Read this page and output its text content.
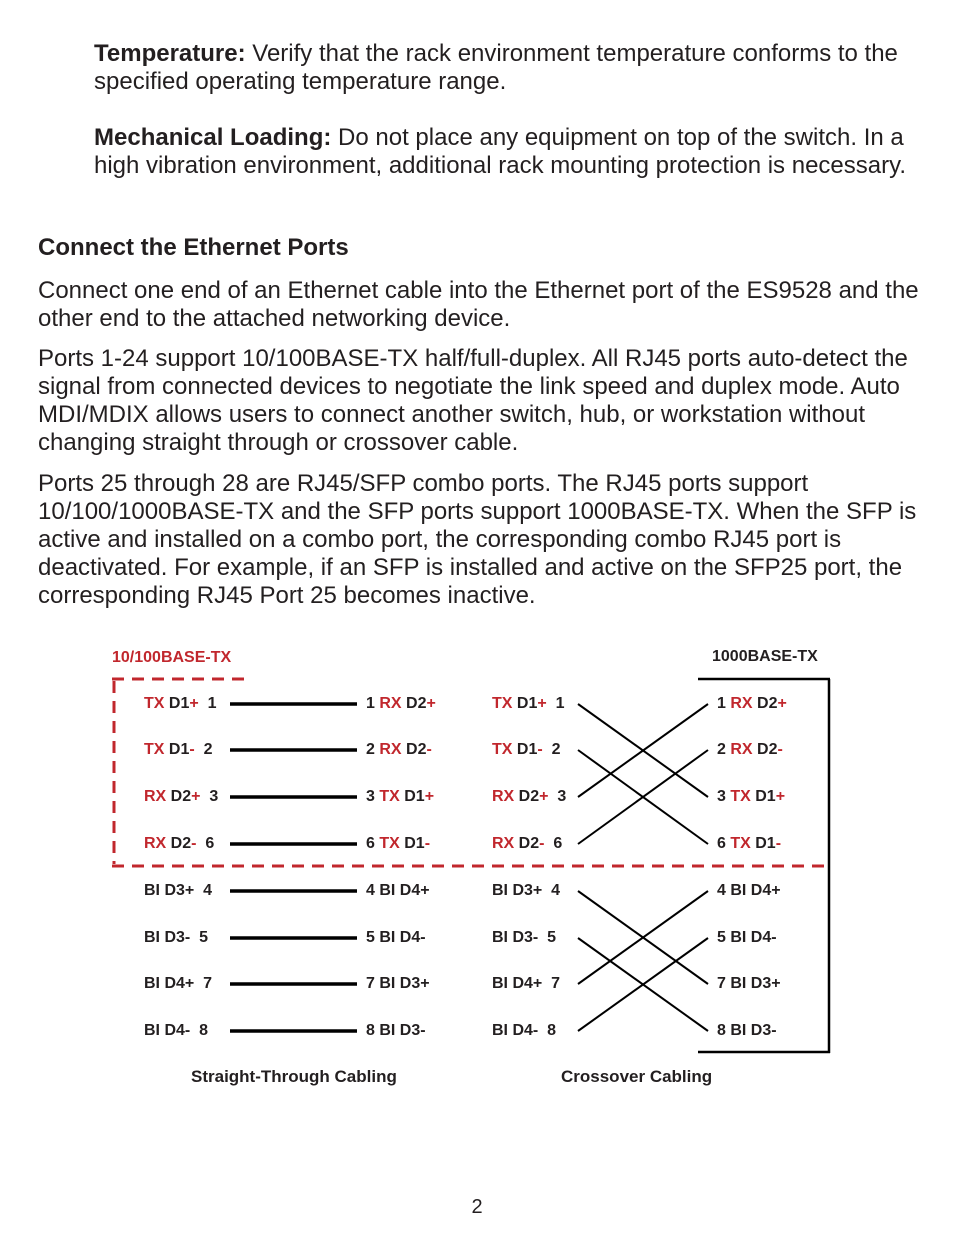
Temperature: Verify that the rack environment temperature conforms to the specified operating temperature range.

Mechanical Loading: Do not place any equipment on top of the switch. In a high vibration environment, additional rack mounting protection is necessary.

Connect the Ethernet Ports

Connect one end of an Ethernet cable into the Ethernet port of the ES9528 and the other end to the attached networking device.

Ports 1-24 support 10/100BASE-TX half/full-duplex. All RJ45 ports auto-detect the signal from connected devices to negotiate the link speed and duplex mode. Auto MDI/MDIX allows users to connect another switch, hub, or workstation without changing straight through or crossover cable.

Ports 25 through 28 are RJ45/SFP combo ports. The RJ45 ports support 10/100/1000BASE-TX and the SFP ports support 1000BASE-TX. When the SFP is active and installed on a combo port, the corresponding combo RJ45 port is deactivated. For example, if an SFP is installed and active on the SFP25 port, the corresponding RJ45 Port 25 becomes inactive.

10/100BASE-TX	1000BASE-TX
TX D1+  1	1 RX D2+	TX D1+  1	1 RX D2+
TX D1-  2	2 RX D2-	TX D1-  2	2 RX D2-
RX D2+  3	3 TX D1+	RX D2+  3	3 TX D1+
RX D2-  6	6 TX D1-	RX D2-  6	6 TX D1-
BI D3+  4	4 BI D4+	BI D3+  4	4 BI D4+
BI D3-  5	5 BI D4-	BI D3-  5	5 BI D4-
BI D4+  7	7 BI D3+	BI D4+  7	7 BI D3+
BI D4-  8	8 BI D3-	BI D4-  8	8 BI D3-
Straight-Through Cabling	Crossover Cabling
2
